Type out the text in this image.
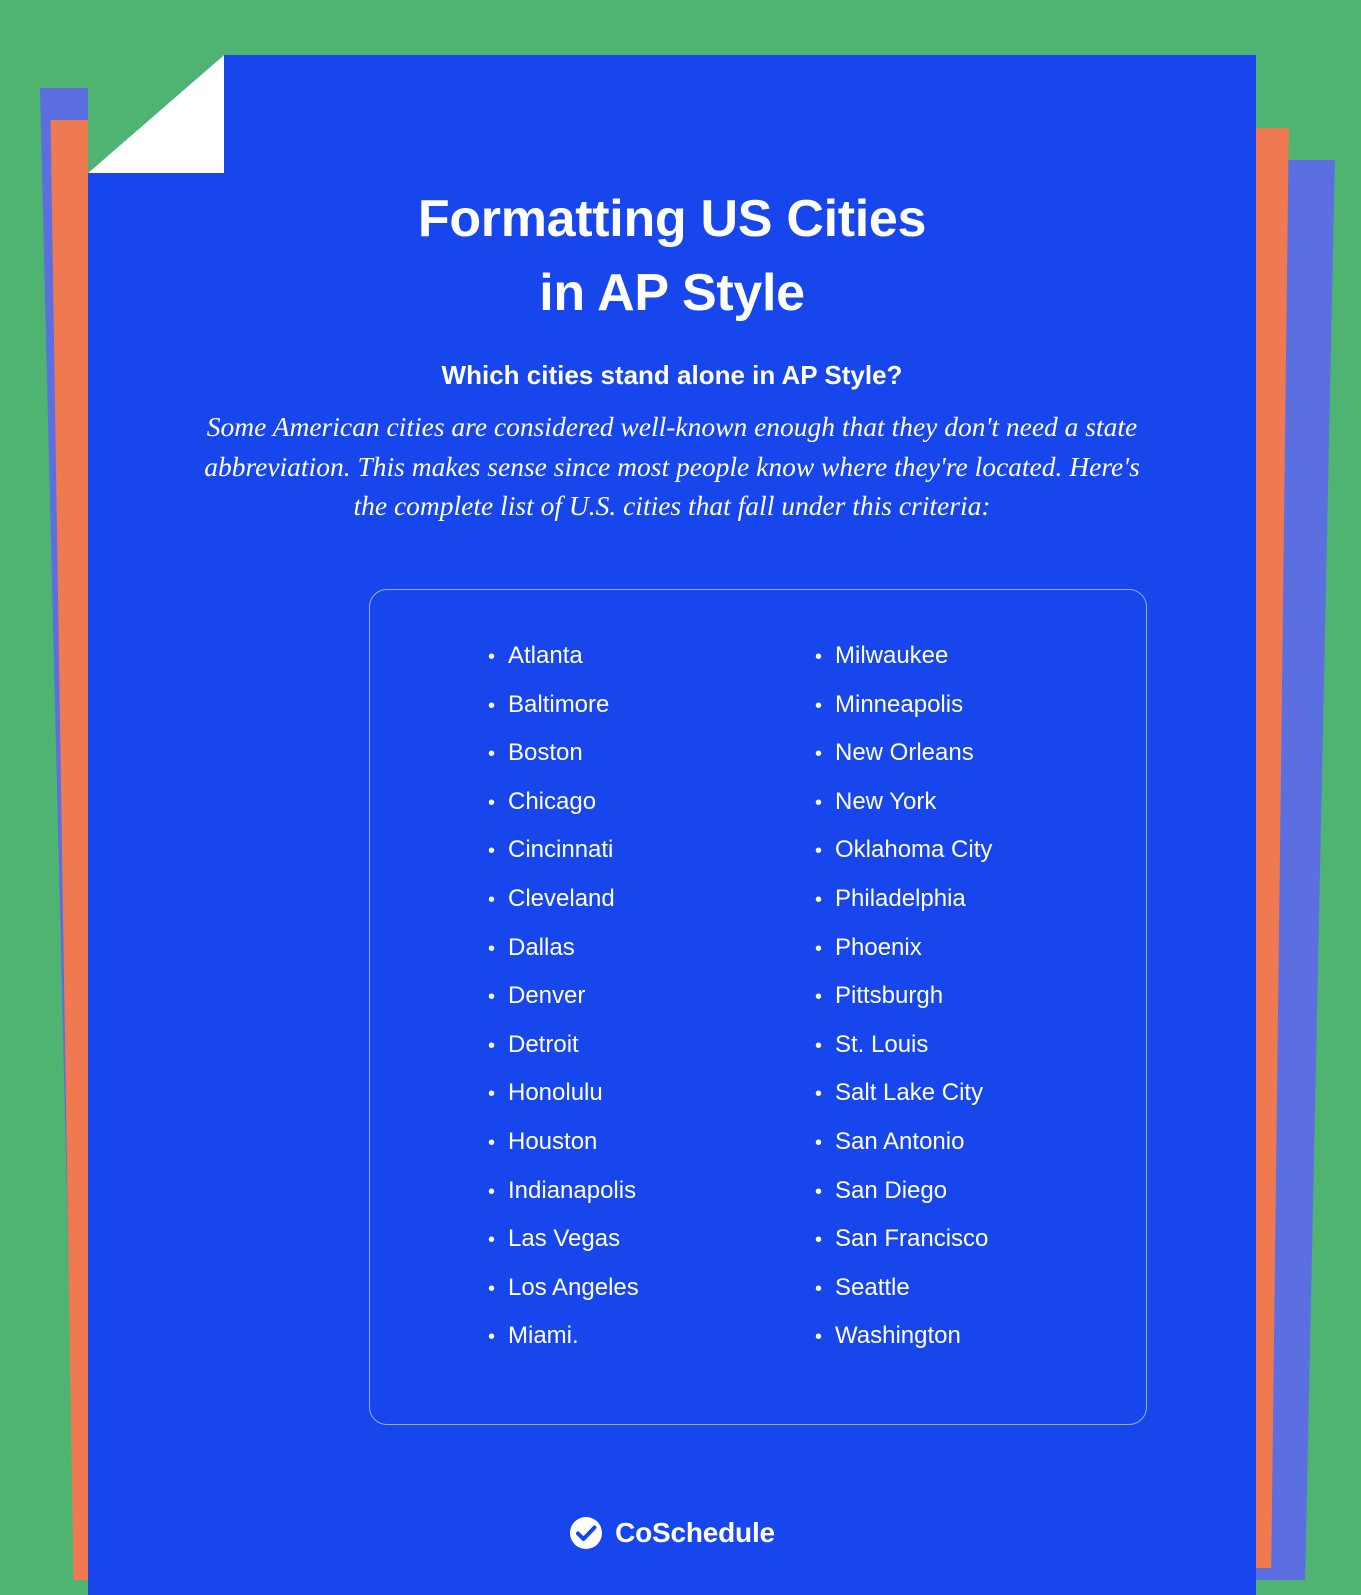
Formatting US Cities
in AP Style
Which cities stand alone in AP Style?
Some American cities are considered well-known enough that they don't need a state abbreviation. This makes sense since most people know where they're located. Here's the complete list of U.S. cities that fall under this criteria:
• Atlanta
• Baltimore
• Boston
• Chicago
• Cincinnati
• Cleveland
• Dallas
• Denver
• Detroit
• Honolulu
• Houston
• Indianapolis
• Las Vegas
• Los Angeles
• Miami.
• Milwaukee
• Minneapolis
• New Orleans
• New York
• Oklahoma City
• Philadelphia
• Phoenix
• Pittsburgh
• St. Louis
• Salt Lake City
• San Antonio
• San Diego
• San Francisco
• Seattle
• Washington
CoSchedule
